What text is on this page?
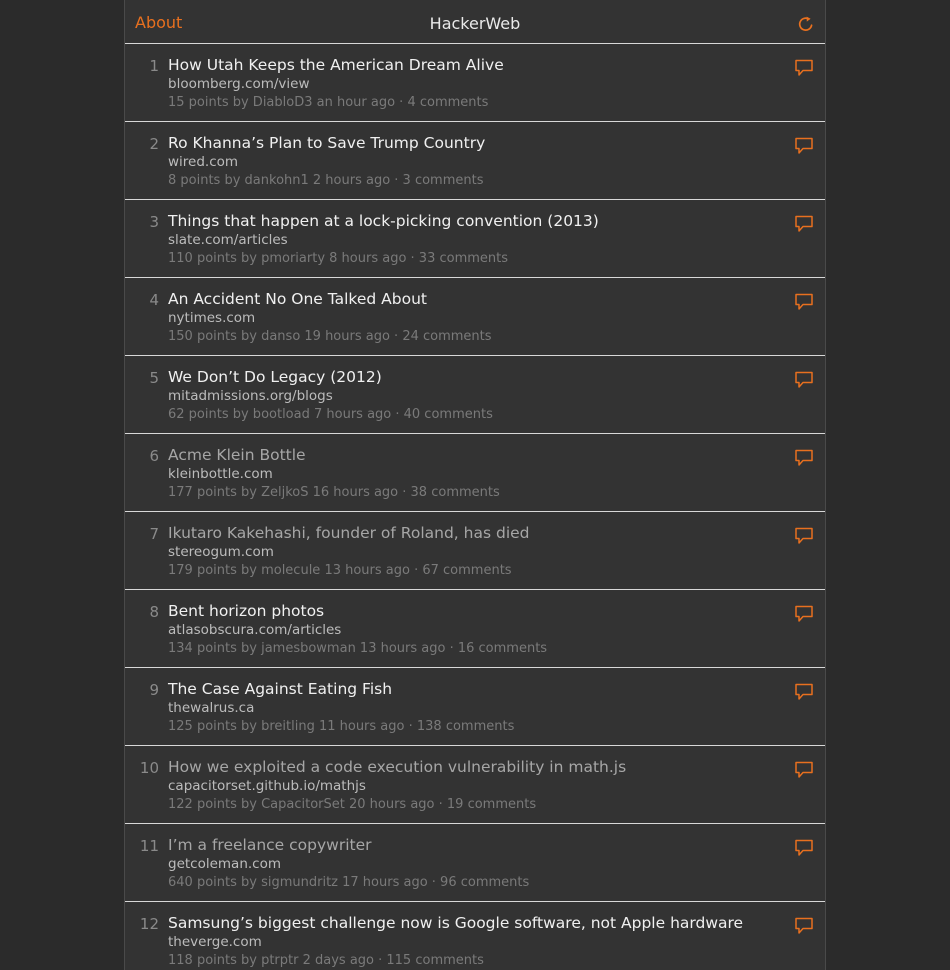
About	HackerWeb
1 How Utah Keeps the American Dream Alive
bloomberg.com/view
15 points by DiabloD3 an hour ago · 4 comments
2 Ro Khanna’s Plan to Save Trump Country
wired.com
8 points by dankohn1 2 hours ago · 3 comments
3 Things that happen at a lock-picking convention (2013)
slate.com/articles
110 points by pmoriarty 8 hours ago · 33 comments
4 An Accident No One Talked About
nytimes.com
150 points by danso 19 hours ago · 24 comments
5 We Don’t Do Legacy (2012)
mitadmissions.org/blogs
62 points by bootload 7 hours ago · 40 comments
6 Acme Klein Bottle
kleinbottle.com
177 points by ZeljkoS 16 hours ago · 38 comments
7 Ikutaro Kakehashi, founder of Roland, has died
stereogum.com
179 points by molecule 13 hours ago · 67 comments
8 Bent horizon photos
atlasobscura.com/articles
134 points by jamesbowman 13 hours ago · 16 comments
9 The Case Against Eating Fish
thewalrus.ca
125 points by breitling 11 hours ago · 138 comments
10 How we exploited a code execution vulnerability in math.js
capacitorset.github.io/mathjs
122 points by CapacitorSet 20 hours ago · 19 comments
11 I’m a freelance copywriter
getcoleman.com
640 points by sigmundritz 17 hours ago · 96 comments
12 Samsung’s biggest challenge now is Google software, not Apple hardware
theverge.com
118 points by ptrptr 2 days ago · 115 comments
